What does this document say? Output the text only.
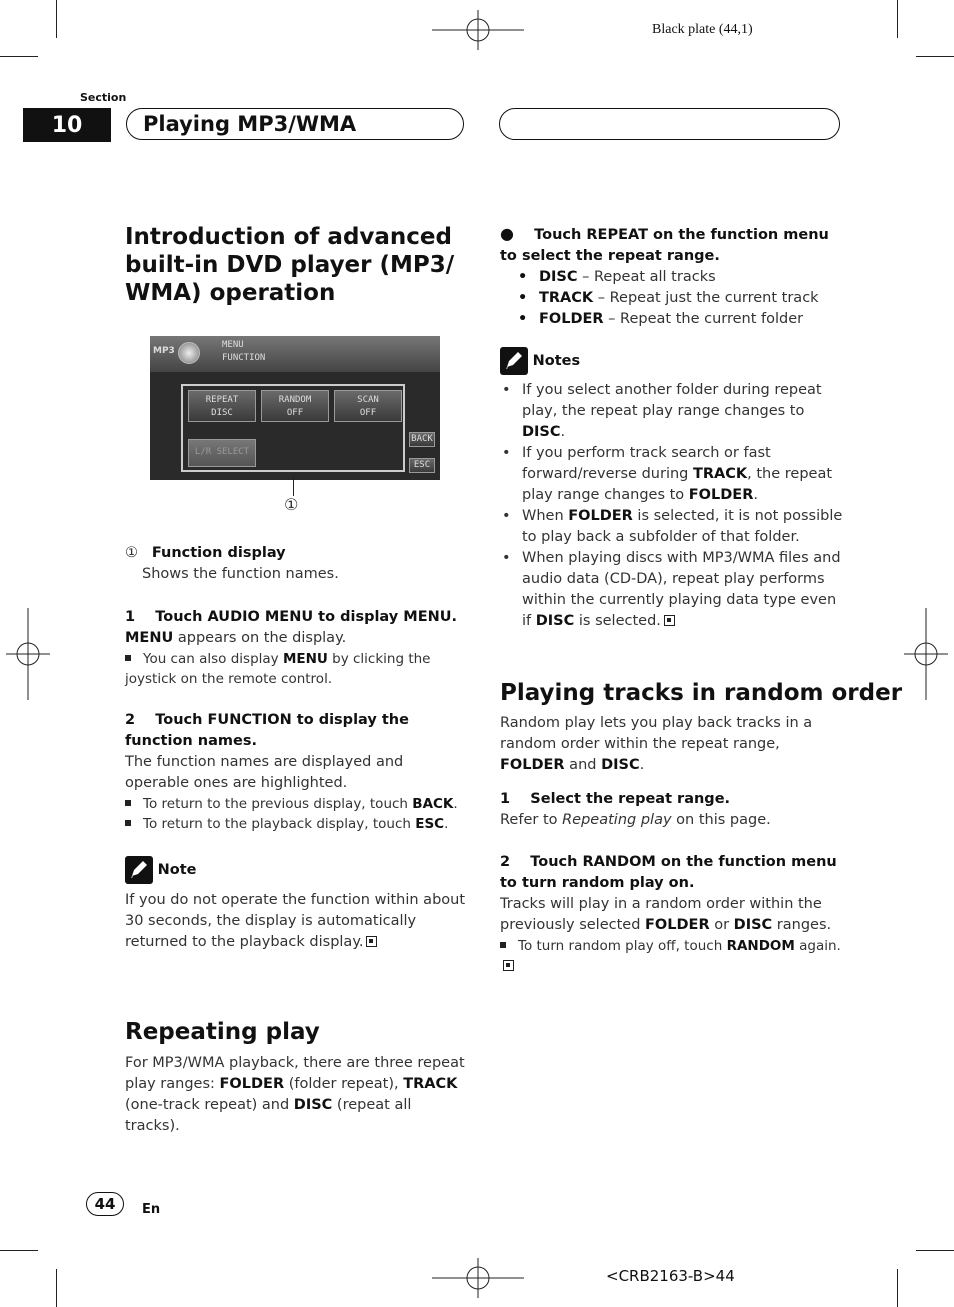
Black plate (44,1)
Section
10	Playing MP3/WMA
Introduction of advanced built-in DVD player (MP3/ WMA) operation
MP3
MENU
FUNCTION
REPEAT
DISC
RANDOM
OFF
SCAN
OFF
L/R SELECT
BACK
ESC
①
① Function display
Shows the function names.
1 Touch AUDIO MENU to display MENU.
MENU appears on the display.
You can also display MENU by clicking the joystick on the remote control.
2 Touch FUNCTION to display the function names.
The function names are displayed and operable ones are highlighted.
To return to the previous display, touch BACK.
To return to the playback display, touch ESC.
Note
If you do not operate the function within about 30 seconds, the display is automatically returned to the playback display.
Repeating play
For MP3/WMA playback, there are three repeat play ranges: FOLDER (folder repeat), TRACK (one-track repeat) and DISC (repeat all tracks).
● Touch REPEAT on the function menu to select the repeat range.
• DISC – Repeat all tracks
• TRACK – Repeat just the current track
• FOLDER – Repeat the current folder
Notes
• If you select another folder during repeat play, the repeat play range changes to DISC.
• If you perform track search or fast forward/reverse during TRACK, the repeat play range changes to FOLDER.
• When FOLDER is selected, it is not possible to play back a subfolder of that folder.
• When playing discs with MP3/WMA files and audio data (CD-DA), repeat play performs within the currently playing data type even if DISC is selected.
Playing tracks in random order
Random play lets you play back tracks in a random order within the repeat range, FOLDER and DISC.
1 Select the repeat range.
Refer to Repeating play on this page.
2 Touch RANDOM on the function menu to turn random play on.
Tracks will play in a random order within the previously selected FOLDER or DISC ranges.
To turn random play off, touch RANDOM again.
44	En
<CRB2163-B>44
